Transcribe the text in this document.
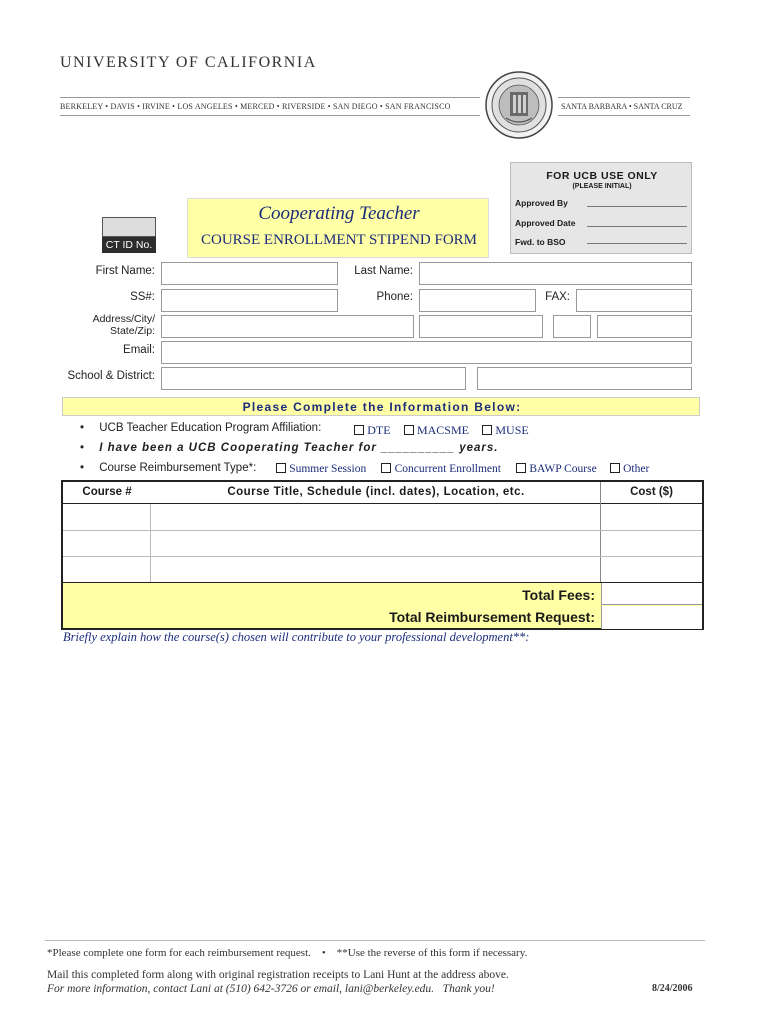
UNIVERSITY OF CALIFORNIA
BERKELEY • DAVIS • IRVINE • LOS ANGELES • MERCED • RIVERSIDE • SAN DIEGO • SAN FRANCISCO	SANTA BARBARA • SANTA CRUZ
FOR UCB USE ONLY
(PLEASE INITIAL)
Approved By
Approved Date
Fwd. to BSO
CT ID No.
Cooperating Teacher
COURSE ENROLLMENT STIPEND FORM
First Name:	Last Name:
SS#:	Phone:	FAX:
Address/City/
State/Zip:
Email:
School & District:
Please Complete the Information Below:
• UCB Teacher Education Program Affiliation:	DTE MACSME MUSE
• I have been a UCB Cooperating Teacher for __________ years.
• Course Reimbursement Type*:	Summer Session Concurrent Enrollment BAWP Course Other
Course #	Course Title, Schedule (incl. dates), Location, etc.	Cost ($)
Total Fees:
Total Reimbursement Request:
Briefly explain how the course(s) chosen will contribute to your professional development**:
*Please complete one form for each reimbursement request.    •    **Use the reverse of this form if necessary.
Mail this completed form along with original registration receipts to Lani Hunt at the address above.
For more information, contact Lani at (510) 642-3726 or email, lani@berkeley.edu.   Thank you!	8/24/2006
